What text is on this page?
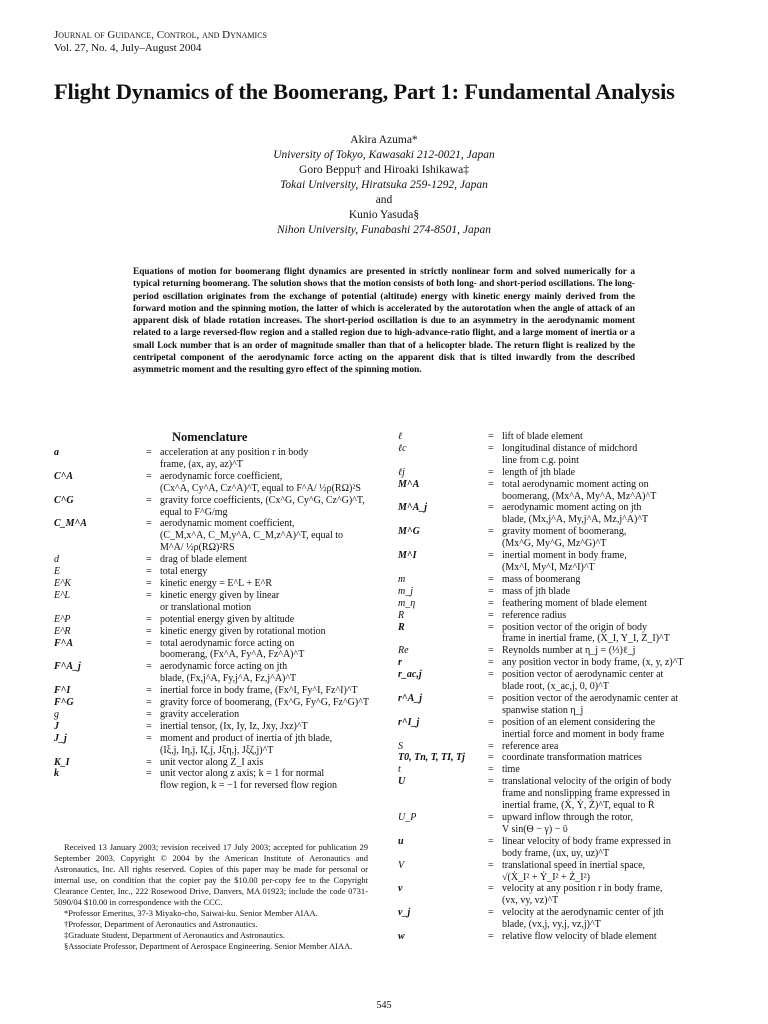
Journal of Guidance, Control, and Dynamics
Vol. 27, No. 4, July–August 2004
Flight Dynamics of the Boomerang, Part 1: Fundamental Analysis
Akira Azuma*
University of Tokyo, Kawasaki 212-0021, Japan
Goro Beppu† and Hiroaki Ishikawa‡
Tokai University, Hiratsuka 259-1292, Japan
and
Kunio Yasuda§
Nihon University, Funabashi 274-8501, Japan
Equations of motion for boomerang flight dynamics are presented in strictly nonlinear form and solved numerically for a typical returning boomerang. The solution shows that the motion consists of both long- and short-period oscillations. The long-period oscillation originates from the exchange of potential (altitude) energy with kinetic energy mainly derived from the forward motion and the spinning motion, the latter of which is accelerated by the autorotation when the angle of attack of an apparent disk of blade rotation increases. The short-period oscillation is due to an asymmetry in the aerodynamic moment related to a large reversed-flow region and a stalled region due to high-advance-ratio flight, and a large moment of inertia or a small Lock number that is an order of magnitude smaller than that of a helicopter blade. The return flight is realized by the centripetal component of the aerodynamic force acting on the apparent disk that is tilted inwardly from the described asymmetric moment and the resulting gyro effect of the spinning motion.
Nomenclature
a	= acceleration at any position r in body
frame, (ax, ay, az)^T
C^A	= aerodynamic force coefficient,
(Cx^A, Cy^A, Cz^A)^T, equal to F^A/ ½ρ(RΩ)²S
C^G	= gravity force coefficients, (Cx^G, Cy^G, Cz^G)^T,
equal to F^G/mg
C_M^A	= aerodynamic moment coefficient,
(C_M,x^A, C_M,y^A, C_M,z^A)^T, equal to
M^A/ ½ρ(RΩ)²RS
d	= drag of blade element
E	= total energy
E^K	= kinetic energy = E^L + E^R
E^L	= kinetic energy given by linear
or translational motion
E^P	= potential energy given by altitude
E^R	= kinetic energy given by rotational motion
F^A	= total aerodynamic force acting on
boomerang, (Fx^A, Fy^A, Fz^A)^T
F^A_j	= aerodynamic force acting on jth
blade, (Fx,j^A, Fy,j^A, Fz,j^A)^T
F^I	= inertial force in body frame, (Fx^I, Fy^I, Fz^I)^T
F^G	= gravity force of boomerang, (Fx^G, Fy^G, Fz^G)^T
g	= gravity acceleration
J	= inertial tensor, (Ix, Iy, Iz, Jxy, Jxz)^T
J_j	= moment and product of inertia of jth blade,
(Iξ,j, Iη,j, Iζ,j, Jξη,j, Jξζ,j)^T
K_I	= unit vector along Z_I axis
k	= unit vector along z axis; k = 1 for normal
flow region, k = −1 for reversed flow region
ℓ	= lift of blade element
ℓc	= longitudinal distance of midchord
line from c.g. point
ℓj	= length of jth blade
M^A	= total aerodynamic moment acting on
boomerang, (Mx^A, My^A, Mz^A)^T
M^A_j	= aerodynamic moment acting on jth
blade, (Mx,j^A, My,j^A, Mz,j^A)^T
M^G	= gravity moment of boomerang,
(Mx^G, My^G, Mz^G)^T
M^I	= inertial moment in body frame,
(Mx^I, My^I, Mz^I)^T
m	= mass of boomerang
m_j	= mass of jth blade
m_η	= feathering moment of blade element
R	= reference radius
R	= position vector of the origin of body
frame in inertial frame, (X_I, Y_I, Z_I)^T
Re	= Reynolds number at η_j = (⅓)ℓ_j
r	= any position vector in body frame, (x, y, z)^T
r_ac,j	= position vector of aerodynamic center at
blade root, (x_ac,j, 0, 0)^T
r^A_j	= position vector of the aerodynamic center at
spanwise station η_j
r^I_j	= position of an element considering the
inertial force and moment in body frame
S	= reference area
T0, Tn, T, TI, Tj	= coordinate transformation matrices
t	= time
U	= translational velocity of the origin of body
frame and nonslipping frame expressed in
inertial frame, (Ẋ, Ẏ, Ż)^T, equal to Ṙ
U_P	= upward inflow through the rotor,
V sin(Θ − γ) − ῡ
u	= linear velocity of body frame expressed in
body frame, (ux, uy, uz)^T
V	= translational speed in inertial space,
√(Ẋ_I² + Ẏ_I² + Ż_I²)
v	= velocity at any position r in body frame,
(vx, vy, vz)^T
v_j	= velocity at the aerodynamic center of jth
blade, (vx,j, vy,j, vz,j)^T
w	= relative flow velocity of blade element

Received 13 January 2003; revision received 17 July 2003; accepted for publication 29 September 2003. Copyright © 2004 by the American Institute of Aeronautics and Astronautics, Inc. All rights reserved. Copies of this paper may be made for personal or internal use, on condition that the copier pay the $10.00 per-copy fee to the Copyright Clearance Center, Inc., 222 Rosewood Drive, Danvers, MA 01923; include the code 0731-5090/04 $10.00 in correspondence with the CCC.

*Professor Emeritus, 37-3 Miyako-cho, Saiwai-ku. Senior Member AIAA.

†Professor, Department of Aeronautics and Astronautics.

‡Graduate Student, Department of Aeronautics and Astronautics.

§Associate Professor, Department of Aerospace Engineering. Senior Member AIAA.

545
